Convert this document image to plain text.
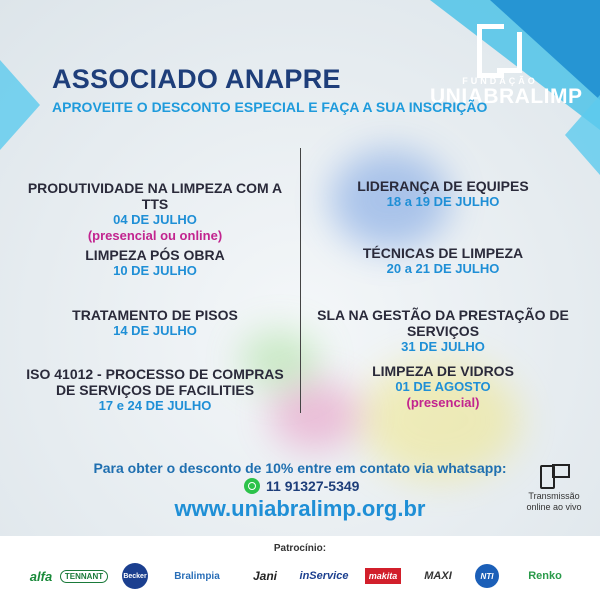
FUNDAÇÃO
UNIABRALIMP
ASSOCIADO ANAPRE
APROVEITE O DESCONTO ESPECIAL E FAÇA A SUA INSCRIÇÃO
PRODUTIVIDADE NA LIMPEZA COM A TTS
04 DE JULHO
(presencial ou online)
LIMPEZA PÓS OBRA
10 DE JULHO
TRATAMENTO DE PISOS
14 DE JULHO
ISO 41012 - PROCESSO DE COMPRAS
DE SERVIÇOS DE FACILITIES
17 e 24 DE JULHO
LIDERANÇA DE EQUIPES
18 a 19 DE JULHO
TÉCNICAS DE LIMPEZA
20 a 21 DE JULHO
SLA NA GESTÃO DA PRESTAÇÃO DE SERVIÇOS
31 DE JULHO
LIMPEZA DE VIDROS
01 DE AGOSTO
(presencial)
Para obter o desconto de 10% entre em contato via whatsapp:
11 91327-5349
www.uniabralimp.org.br	Transmissão
online ao vivo
Patrocínio:
alfa	TENNANT	Becker	Bralimpia	Jani	inService	makita	MAXI	NTI	Renko
